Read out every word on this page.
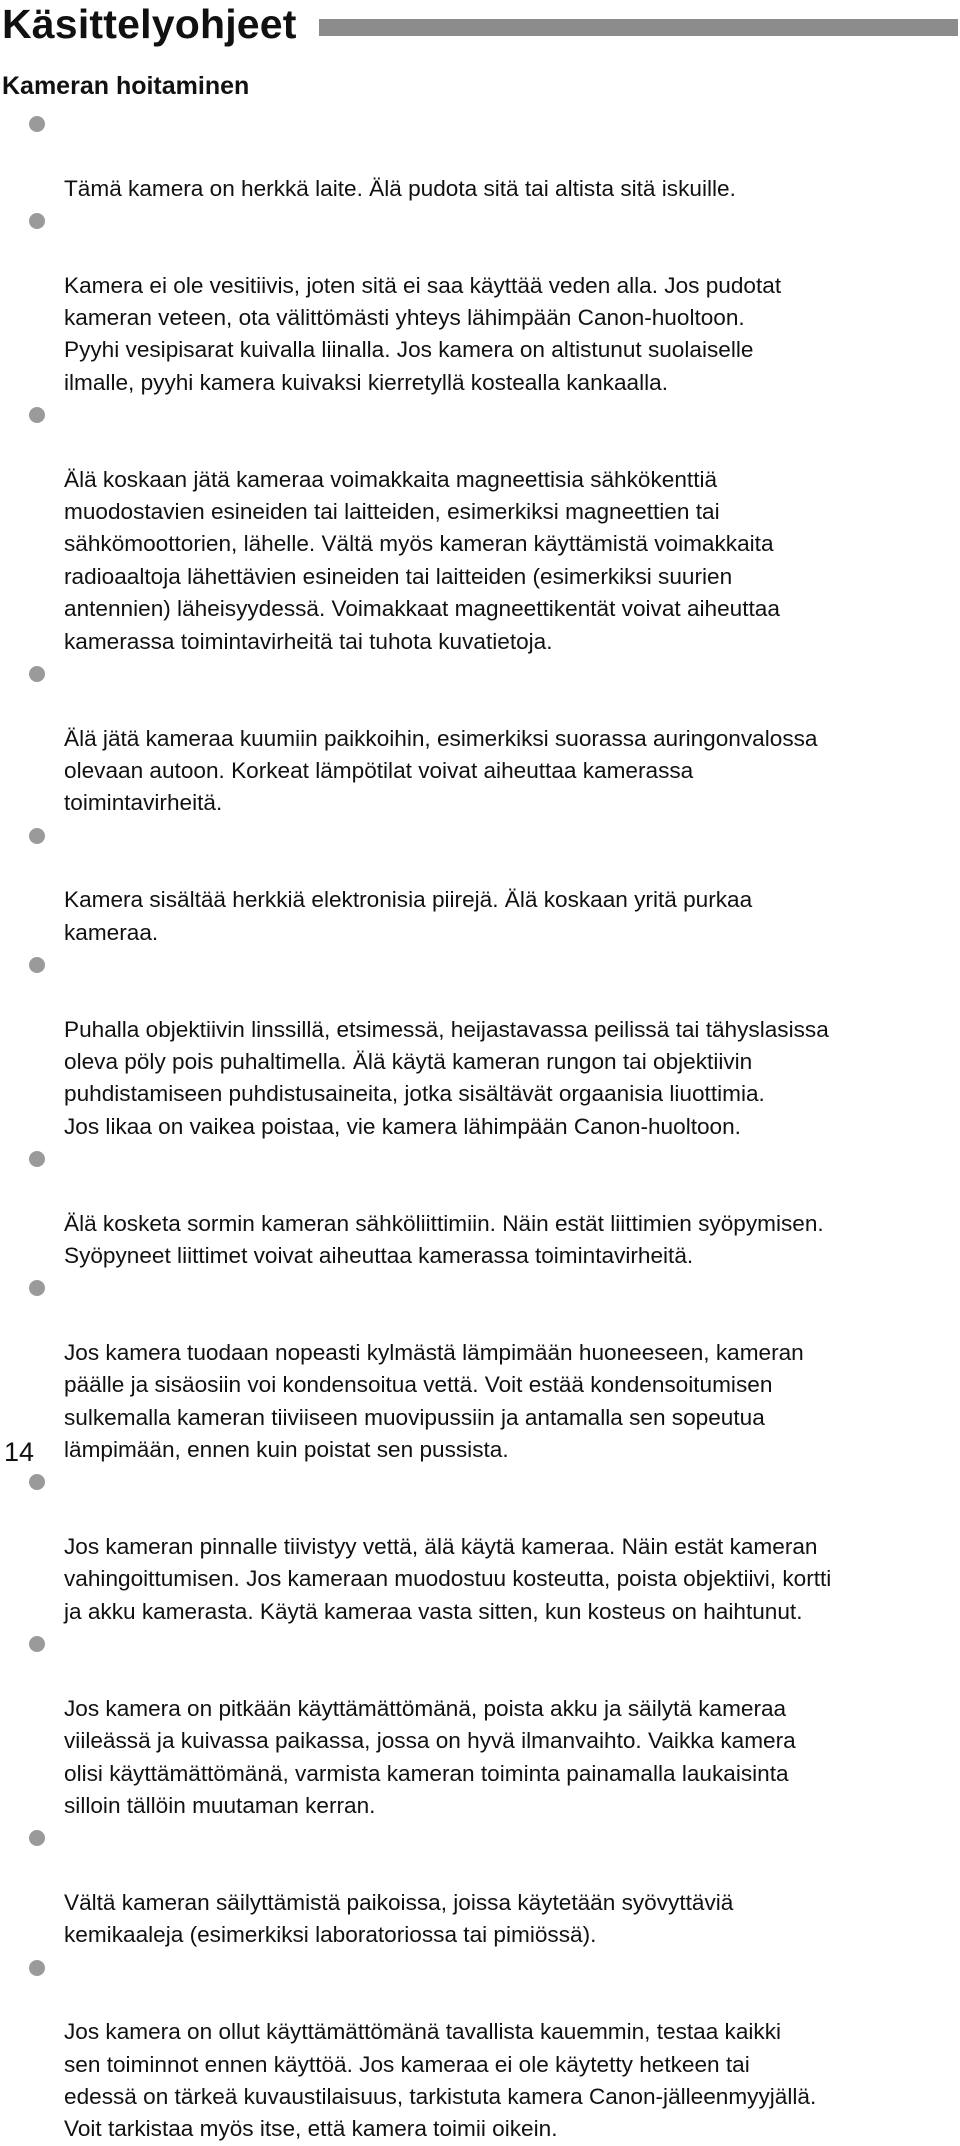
Käsittelyohjeet
Kameran hoitaminen

Tämä kamera on herkkä laite. Älä pudota sitä tai altista sitä iskuille.

Kamera ei ole vesitiivis, joten sitä ei saa käyttää veden alla. Jos pudotat
kameran veteen, ota välittömästi yhteys lähimpään Canon-huoltoon.
Pyyhi vesipisarat kuivalla liinalla. Jos kamera on altistunut suolaiselle
ilmalle, pyyhi kamera kuivaksi kierretyllä kostealla kankaalla.

Älä koskaan jätä kameraa voimakkaita magneettisia sähkökenttiä
muodostavien esineiden tai laitteiden, esimerkiksi magneettien tai
sähkömoottorien, lähelle. Vältä myös kameran käyttämistä voimakkaita
radioaaltoja lähettävien esineiden tai laitteiden (esimerkiksi suurien
antennien) läheisyydessä. Voimakkaat magneettikentät voivat aiheuttaa
kamerassa toimintavirheitä tai tuhota kuvatietoja.

Älä jätä kameraa kuumiin paikkoihin, esimerkiksi suorassa auringonvalossa
olevaan autoon. Korkeat lämpötilat voivat aiheuttaa kamerassa
toimintavirheitä.

Kamera sisältää herkkiä elektronisia piirejä. Älä koskaan yritä purkaa
kameraa.

Puhalla objektiivin linssillä, etsimessä, heijastavassa peilissä tai tähyslasissa
oleva pöly pois puhaltimella. Älä käytä kameran rungon tai objektiivin
puhdistamiseen puhdistusaineita, jotka sisältävät orgaanisia liuottimia.
Jos likaa on vaikea poistaa, vie kamera lähimpään Canon-huoltoon.

Älä kosketa sormin kameran sähköliittimiin. Näin estät liittimien syöpymisen.
Syöpyneet liittimet voivat aiheuttaa kamerassa toimintavirheitä.

Jos kamera tuodaan nopeasti kylmästä lämpimään huoneeseen, kameran
päälle ja sisäosiin voi kondensoitua vettä. Voit estää kondensoitumisen
sulkemalla kameran tiiviiseen muovipussiin ja antamalla sen sopeutua
lämpimään, ennen kuin poistat sen pussista.

Jos kameran pinnalle tiivistyy vettä, älä käytä kameraa. Näin estät kameran
vahingoittumisen. Jos kameraan muodostuu kosteutta, poista objektiivi, kortti
ja akku kamerasta. Käytä kameraa vasta sitten, kun kosteus on haihtunut.

Jos kamera on pitkään käyttämättömänä, poista akku ja säilytä kameraa
viileässä ja kuivassa paikassa, jossa on hyvä ilmanvaihto. Vaikka kamera
olisi käyttämättömänä, varmista kameran toiminta painamalla laukaisinta
silloin tällöin muutaman kerran.

Vältä kameran säilyttämistä paikoissa, joissa käytetään syövyttäviä
kemikaaleja (esimerkiksi laboratoriossa tai pimiössä).

Jos kamera on ollut käyttämättömänä tavallista kauemmin, testaa kaikki
sen toiminnot ennen käyttöä. Jos kameraa ei ole käytetty hetkeen tai
edessä on tärkeä kuvaustilaisuus, tarkistuta kamera Canon-jälleenmyyjällä.
Voit tarkistaa myös itse, että kamera toimii oikein.

14
